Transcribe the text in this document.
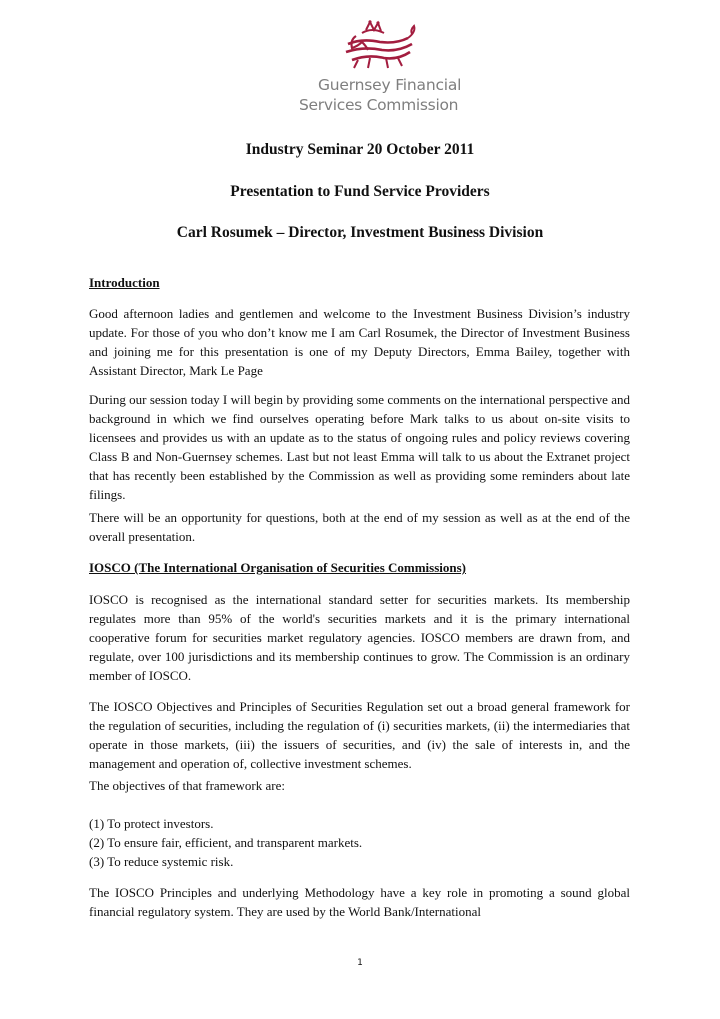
Guernsey Financial
Services Commission
Industry Seminar 20 October 2011
Presentation to Fund Service Providers
Carl Rosumek – Director, Investment Business Division
Introduction

Good afternoon ladies and gentlemen and welcome to the Investment Business Division’s industry update. For those of you who don’t know me I am Carl Rosumek, the Director of Investment Business and joining me for this presentation is one of my Deputy Directors, Emma Bailey, together with Assistant Director, Mark Le Page

During our session today I will begin by providing some comments on the international perspective and background in which we find ourselves operating before Mark talks to us about on-site visits to licensees and provides us with an update as to the status of ongoing rules and policy reviews covering Class B and Non-Guernsey schemes. Last but not least Emma will talk to us about the Extranet project that has recently been established by the Commission as well as providing some reminders about late filings.

There will be an opportunity for questions, both at the end of my session as well as at the end of the overall presentation.

IOSCO (The International Organisation of Securities Commissions)

IOSCO is recognised as the international standard setter for securities markets. Its membership regulates more than 95% of the world's securities markets and it is the primary international cooperative forum for securities market regulatory agencies. IOSCO members are drawn from, and regulate, over 100 jurisdictions and its membership continues to grow. The Commission is an ordinary member of IOSCO.

The IOSCO Objectives and Principles of Securities Regulation set out a broad general framework for the regulation of securities, including the regulation of (i) securities markets, (ii) the intermediaries that operate in those markets, (iii) the issuers of securities, and (iv) the sale of interests in, and the management and operation of, collective investment schemes.

The objectives of that framework are:
(1) To protect investors.
(2) To ensure fair, efficient, and transparent markets.
(3) To reduce systemic risk.

The IOSCO Principles and underlying Methodology have a key role in promoting a sound global financial regulatory system. They are used by the World Bank/International

1
